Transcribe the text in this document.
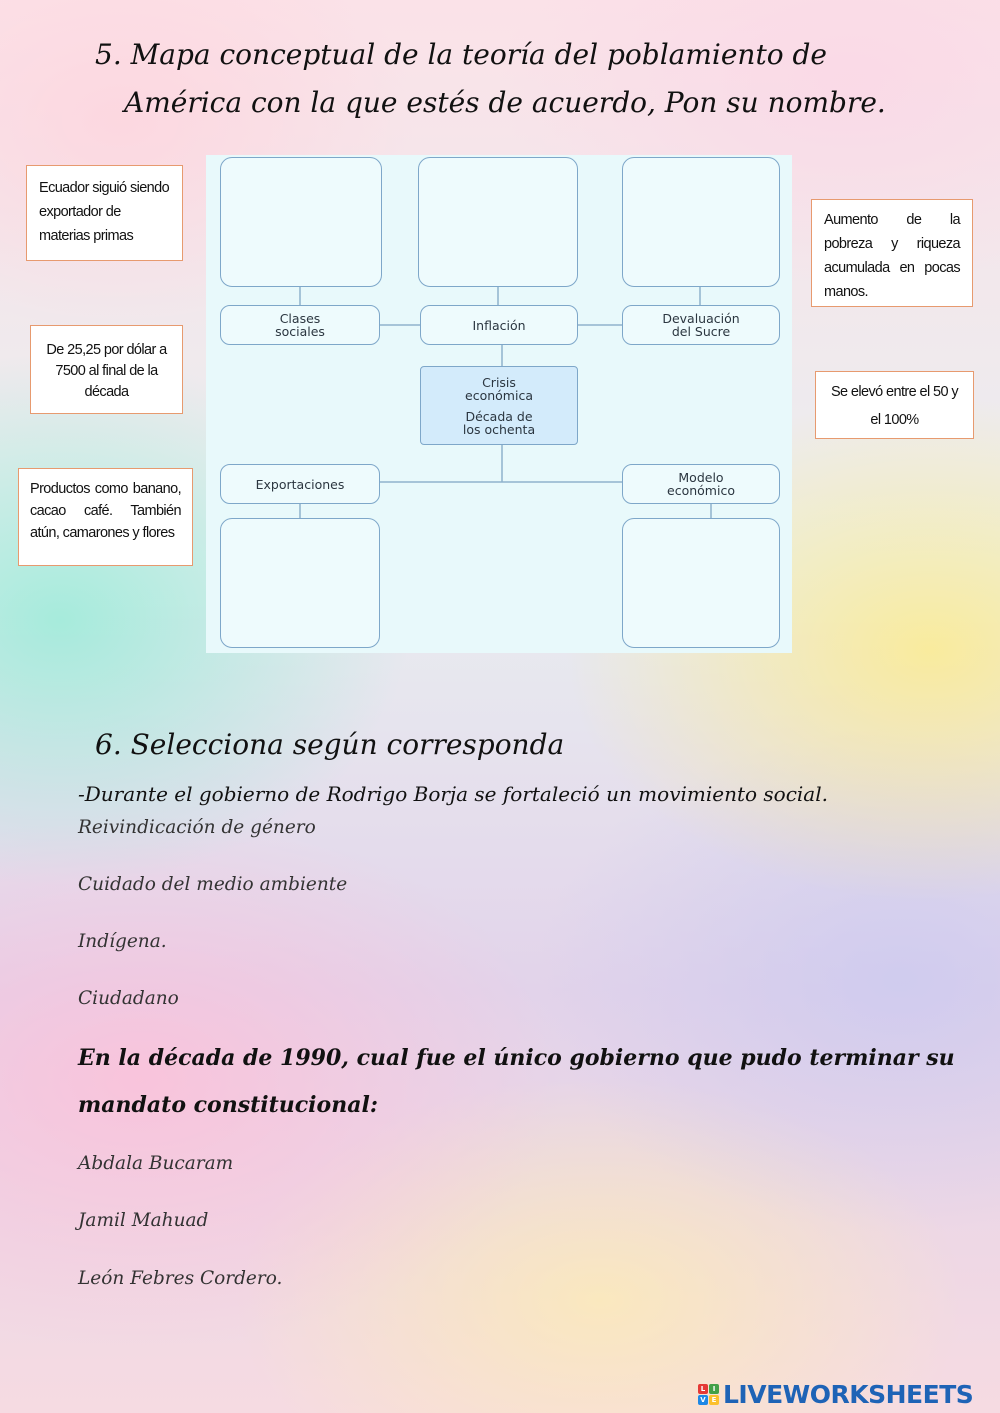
5. Mapa conceptual de la teoría del poblamiento de
América con la que estés de acuerdo, Pon su nombre.
Ecuador siguió siendo exportador de materias primas
De 25,25 por dólar a 7500 al final de la década
Productos como banano, cacao café. También atún, camarones y flores
Aumento de la pobreza y riqueza acumulada en pocas manos.
Se elevó entre el 50 y el 100%
Clases
sociales	Inflación	Devaluación
del Sucre
Crisis
económica
Década de
los ochenta
Exportaciones	Modelo
económico
6. Selecciona según corresponda
-Durante el gobierno de Rodrigo Borja se fortaleció un movimiento social.
Reivindicación de género
Cuidado del medio ambiente
Indígena.
Ciudadano
En la década de 1990, cual fue el único gobierno que pudo terminar su
mandato constitucional:
Abdala Bucaram
Jamil Mahuad
León Febres Cordero.
L	I
V E LIVEWORKSHEETS
